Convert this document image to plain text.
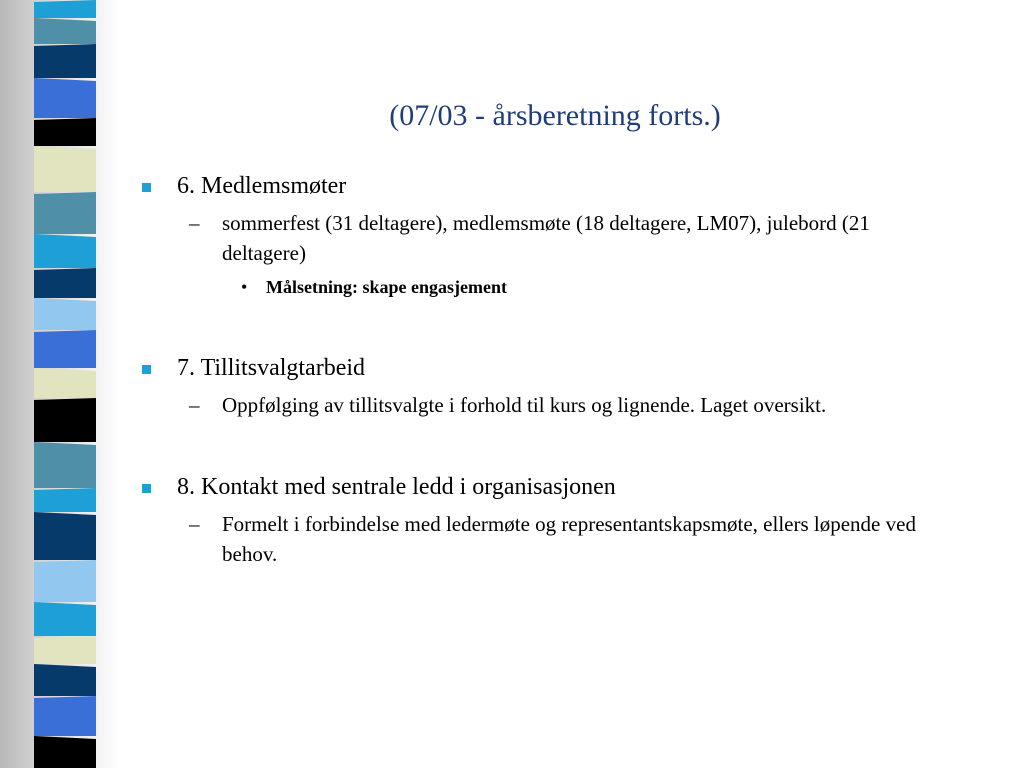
(07/03 - årsberetning forts.)
6. Medlemsmøter
– sommerfest (31 deltagere), medlemsmøte (18 deltagere, LM07), julebord (21 deltagere)
• Målsetning: skape engasjement
7. Tillitsvalgtarbeid
– Oppfølging av tillitsvalgte i forhold til kurs og lignende. Laget oversikt.
8. Kontakt med sentrale ledd i organisasjonen
– Formelt i forbindelse med ledermøte og representantskapsmøte, ellers løpende ved behov.
